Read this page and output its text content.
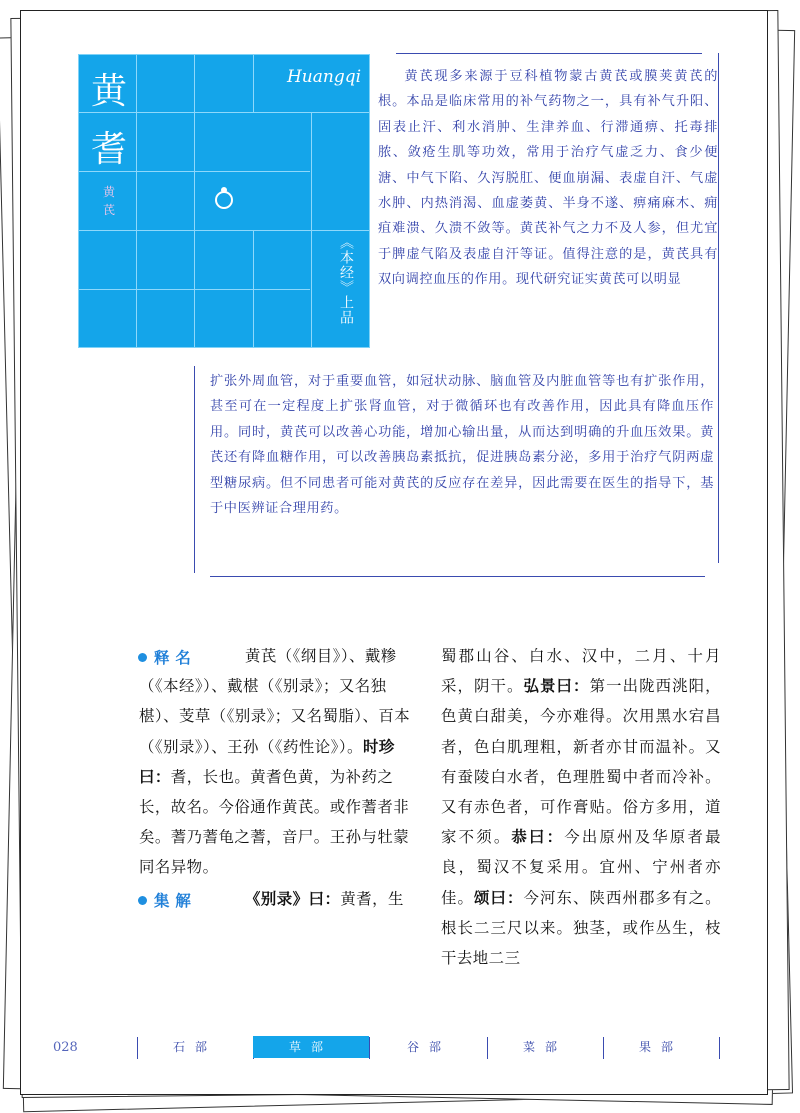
黄
耆
黄
芪
Huangqi
《本经》上品
黄芪现多来源于豆科植物蒙古黄芪或膜荚黄芪的根。本品是临床常用的补气药物之一，具有补气升阳、固表止汗、利水消肿、生津养血、行滞通痹、托毒排脓、敛疮生肌等功效，常用于治疗气虚乏力、食少便溏、中气下陷、久泻脱肛、便血崩漏、表虚自汗、气虚水肿、内热消渴、血虚萎黄、半身不遂、痹痛麻木、痈疽难溃、久溃不敛等。黄芪补气之力不及人参，但尤宜于脾虚气陷及表虚自汗等证。值得注意的是，黄芪具有双向调控血压的作用。现代研究证实黄芪可以明显
扩张外周血管，对于重要血管，如冠状动脉、脑血管及内脏血管等也有扩张作用，甚至可在一定程度上扩张肾血管，对于微循环也有改善作用，因此具有降血压作用。同时，黄芪可以改善心功能，增加心输出量，从而达到明确的升血压效果。黄芪还有降血糖作用，可以改善胰岛素抵抗，促进胰岛素分泌，多用于治疗气阴两虚型糖尿病。但不同患者可能对黄芪的反应存在差异，因此需要在医生的指导下，基于中医辨证合理用药。
释名	黄芪（《纲目》）、戴糁（《本经》）、戴椹（《别录》；又名独椹）、芰草（《别录》；又名蜀脂）、百本（《别录》）、王孙（《药性论》）。时珍曰：耆，长也。黄耆色黄，为补药之长，故名。今俗通作黄芪。或作蓍者非矣。蓍乃蓍龟之蓍，音尸。王孙与牡蒙同名异物。
集解	《别录》曰：黄耆，生
蜀郡山谷、白水、汉中，二月、十月采，阴干。弘景曰：第一出陇西洮阳，色黄白甜美，今亦难得。次用黑水宕昌者，色白肌理粗，新者亦甘而温补。又有蚕陵白水者，色理胜蜀中者而冷补。又有赤色者，可作膏贴。俗方多用，道家不须。恭曰：今出原州及华原者最良，蜀汉不复采用。宜州、宁州者亦佳。颂曰：今河东、陕西州郡多有之。根长二三尺以来。独茎，或作丛生，枝干去地二三
028	石部	草部	谷部	菜部	果部
